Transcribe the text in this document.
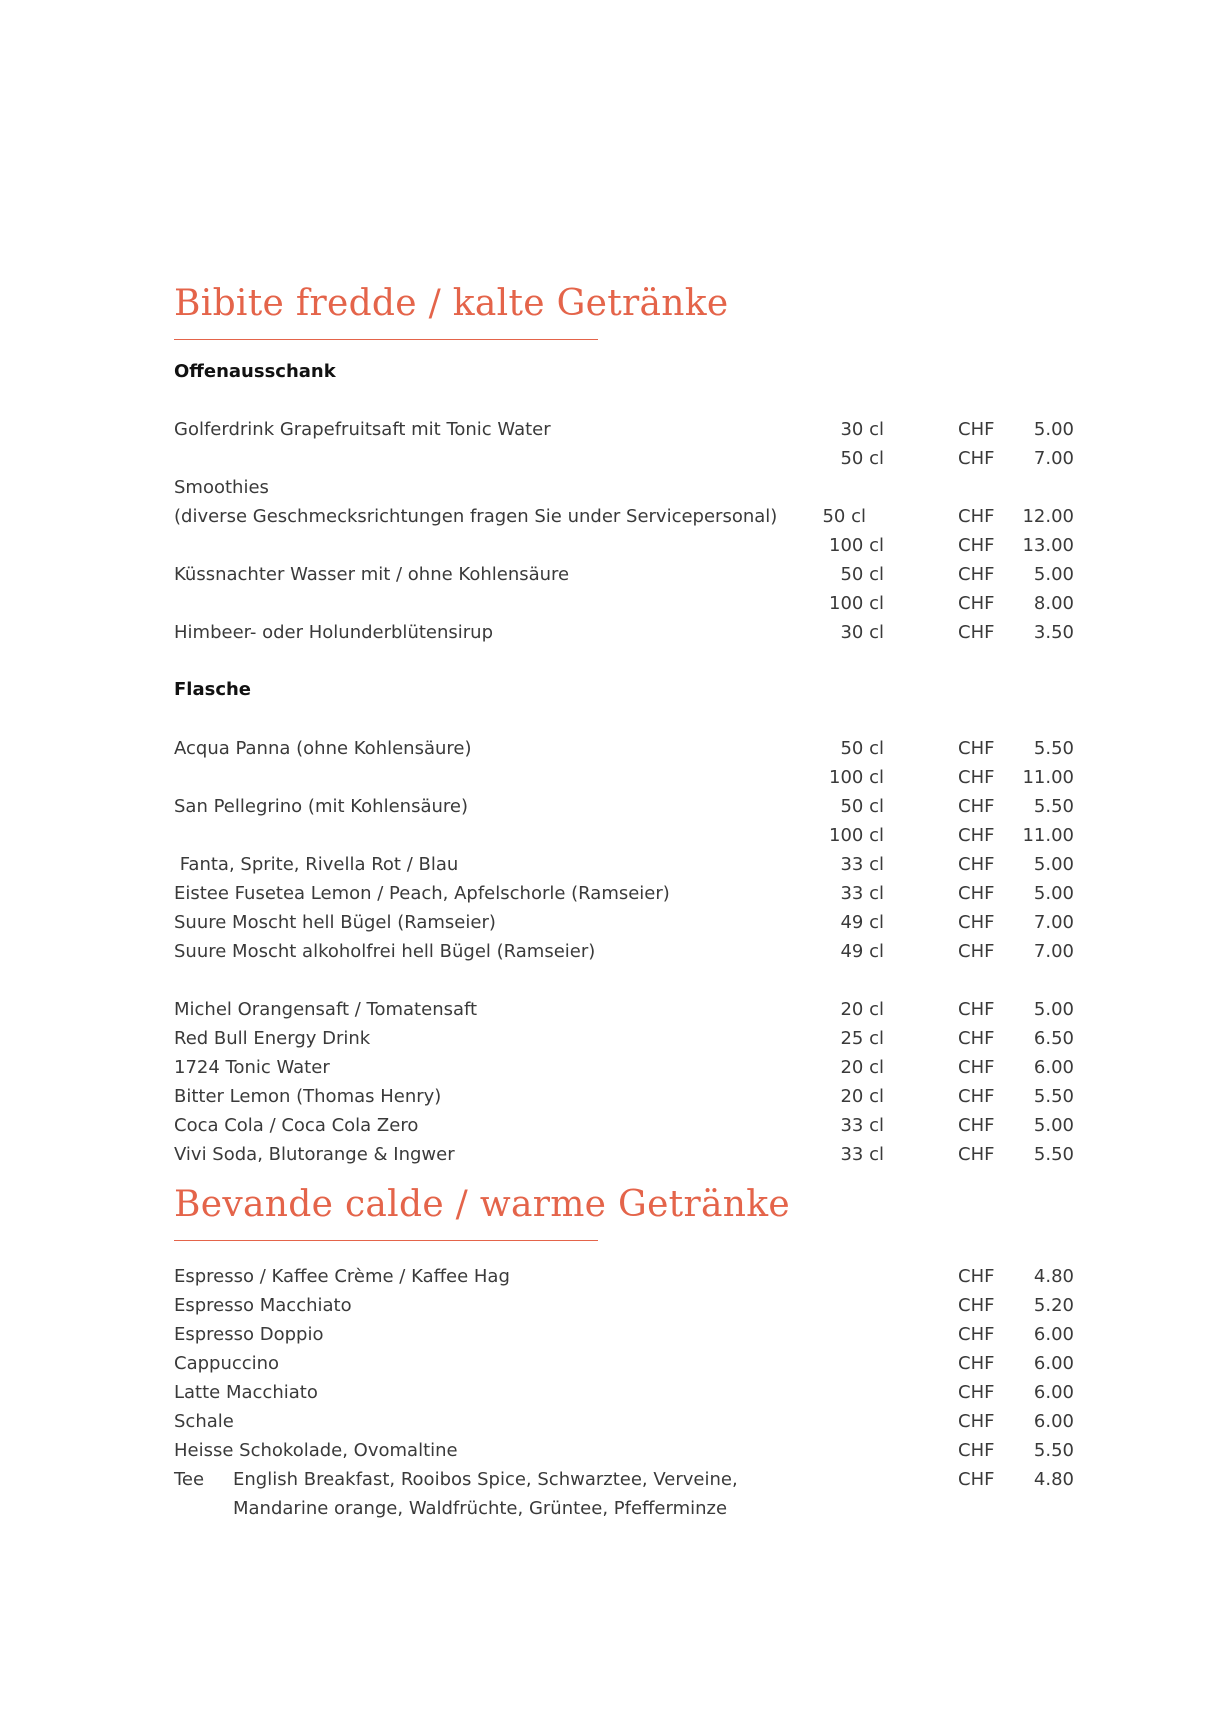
Bibite fredde / kalte Getränke
Offenausschank
Golferdrink Grapefruitsaft mit Tonic Water	30 cl	CHF 5.00
50 cl	CHF 7.00
Smoothies
(diverse Geschmecksrichtungen fragen Sie under Servicepersonal)	50 cl	CHF 12.00
100 cl	CHF 13.00
Küssnachter Wasser mit / ohne Kohlensäure	50 cl	CHF 5.00
100 cl	CHF 8.00
Himbeer- oder Holunderblütensirup	30 cl	CHF 3.50
Flasche
Acqua Panna (ohne Kohlensäure)	50 cl	CHF 5.50
100 cl	CHF 11.00
San Pellegrino (mit Kohlensäure)	50 cl	CHF 5.50
100 cl	CHF 11.00
Fanta, Sprite, Rivella Rot / Blau	33 cl	CHF 5.00
Eistee Fusetea Lemon / Peach, Apfelschorle (Ramseier)	33 cl	CHF 5.00
Suure Moscht hell Bügel (Ramseier)	49 cl	CHF 7.00
Suure Moscht alkoholfrei hell Bügel (Ramseier)	49 cl	CHF 7.00
Michel Orangensaft / Tomatensaft	20 cl	CHF 5.00
Red Bull Energy Drink	25 cl	CHF 6.50
1724 Tonic Water	20 cl	CHF 6.00
Bitter Lemon (Thomas Henry)	20 cl	CHF 5.50
Coca Cola / Coca Cola Zero	33 cl	CHF 5.00
Vivi Soda, Blutorange & Ingwer	33 cl	CHF 5.50
Bevande calde / warme Getränke
Espresso / Kaffee Crème / Kaffee Hag	CHF 4.80
Espresso Macchiato	CHF 5.20
Espresso Doppio	CHF 6.00
Cappuccino	CHF 6.00
Latte Macchiato	CHF 6.00
Schale	CHF 6.00
Heisse Schokolade, Ovomaltine	CHF 5.50
Tee English Breakfast, Rooibos Spice, Schwarztee, Verveine,	CHF 4.80
Mandarine orange, Waldfrüchte, Grüntee, Pfefferminze
